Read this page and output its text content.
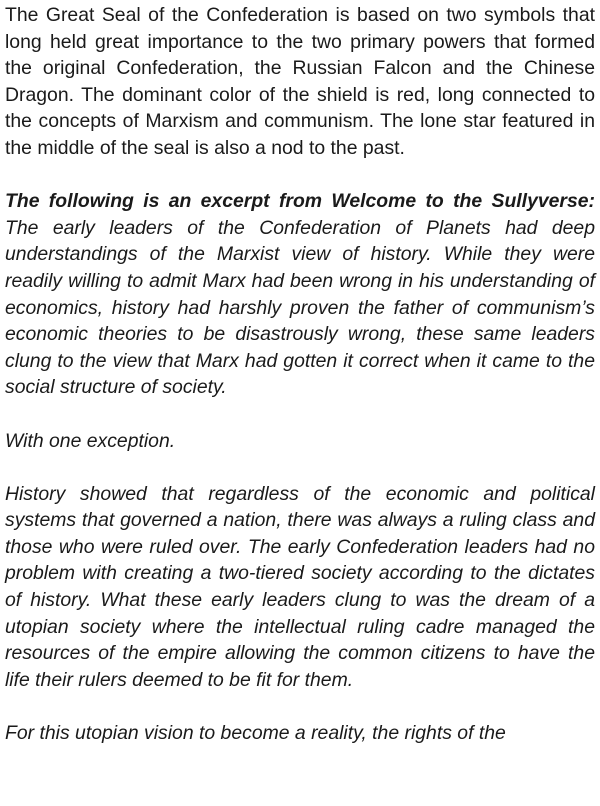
The Great Seal of the Confederation is based on two symbols that long held great importance to the two primary powers that formed the original Confederation, the Russian Falcon and the Chinese Dragon. The dominant color of the shield is red, long connected to the concepts of Marxism and communism. The lone star featured in the middle of the seal is also a nod to the past.

The following is an excerpt from Welcome to the Sullyverse: The early leaders of the Confederation of Planets had deep understandings of the Marxist view of history. While they were readily willing to admit Marx had been wrong in his understanding of economics, history had harshly proven the father of communism’s economic theories to be disastrously wrong, these same leaders clung to the view that Marx had gotten it correct when it came to the social structure of society.

With one exception.

History showed that regardless of the economic and political systems that governed a nation, there was always a ruling class and those who were ruled over. The early Confederation leaders had no problem with creating a two-tiered society according to the dictates of history. What these early leaders clung to was the dream of a utopian society where the intellectual ruling cadre managed the resources of the empire allowing the common citizens to have the life their rulers deemed to be fit for them.

For this utopian vision to become a reality, the rights of the
